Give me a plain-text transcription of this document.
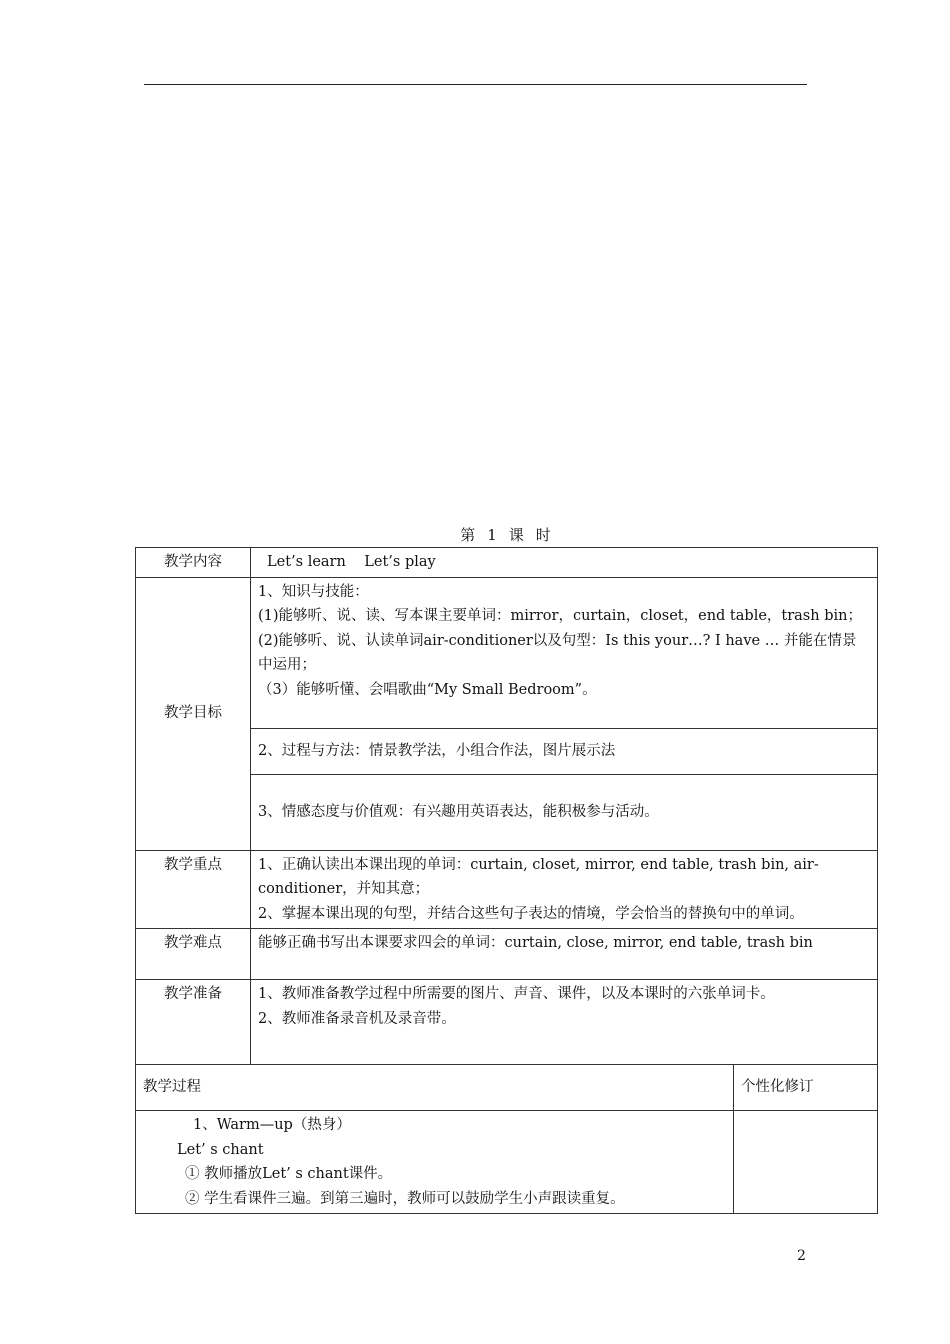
第 1 课 时
教学内容	Let’s learn    Let’s play	
教学目标	1、知识与技能：
(1)能够听、说、读、写本课主要单词：mirror，curtain，closet，end table，trash bin；
(2)能够听、说、认读单词air-conditioner以及句型：Is this your…? I have … 并能在情景中运用；
（3）能够听懂、会唱歌曲“My Small Bedroom”。	

	2、过程与方法：情景教学法，小组合作法，图片展示法	
	3、情感态度与价值观：有兴趣用英语表达，能积极参与活动。	
教学重点	1、正确认读出本课出现的单词：curtain, closet, mirror, end table, trash bin, air-conditioner，并知其意；
2、掌握本课出现的句型，并结合这些句子表达的情境，学会恰当的替换句中的单词。	

教学难点	能够正确书写出本课要求四会的单词：curtain, close, mirror, end table, trash bin	
教学准备	1、教师准备教学过程中所需要的图片、声音、课件，以及本课时的六张单词卡。
2、教师准备录音机及录音带。	

教学过程		个性化修订

1、Warm—up（热身）
Let’ s chant
① 教师播放Let’ s chant课件。
② 学生看课件三遍。到第三遍时，教师可以鼓励学生小声跟读重复。		

2
